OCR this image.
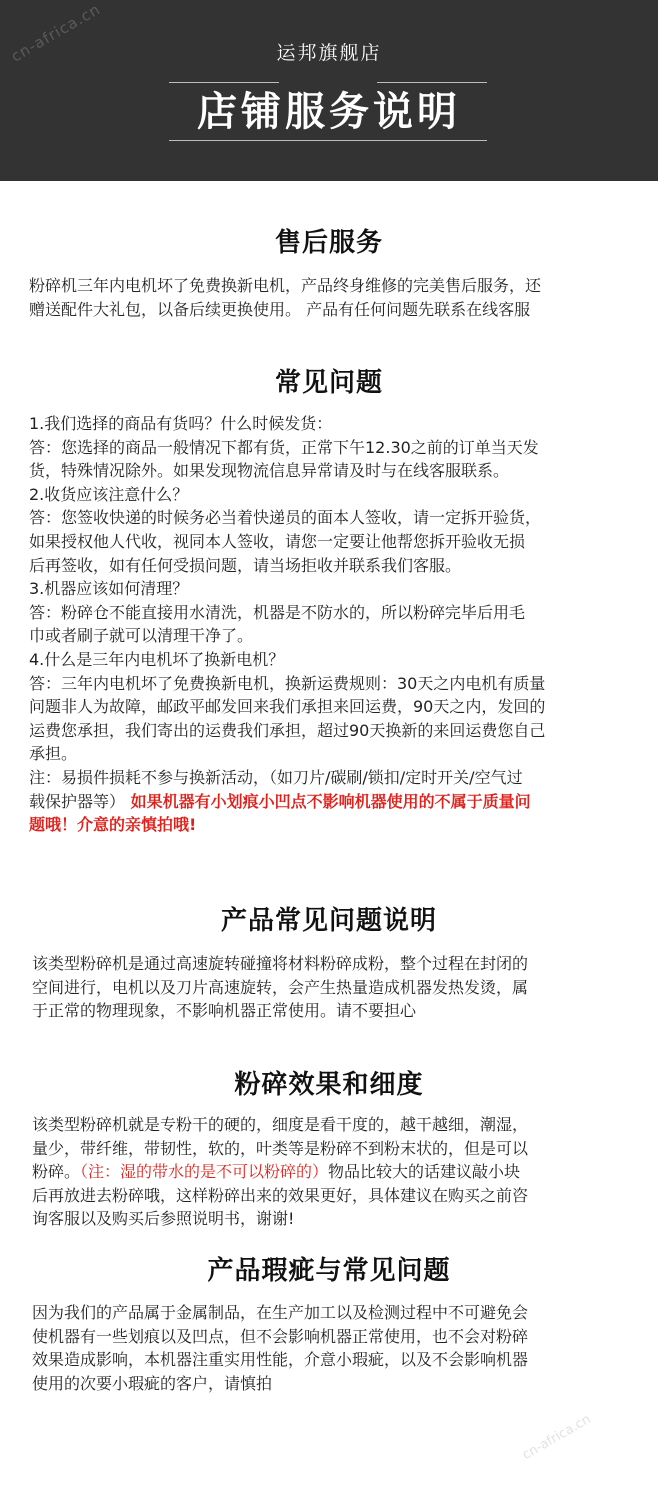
cn-africa.cn	运邦旗舰店
店铺服务说明
售后服务
粉碎机三年内电机坏了免费换新电机，产品终身维修的完美售后服务，还
赠送配件大礼包，以备后续更换使用。 产品有任何问题先联系在线客服
常见问题
1.我们选择的商品有货吗？什么时候发货：
答：您选择的商品一般情况下都有货，正常下午12.30之前的订单当天发
货，特殊情况除外。如果发现物流信息异常请及时与在线客服联系。
2.收货应该注意什么？
答：您签收快递的时候务必当着快递员的面本人签收，请一定拆开验货，
如果授权他人代收，视同本人签收，请您一定要让他帮您拆开验收无损
后再签收，如有任何受损问题，请当场拒收并联系我们客服。
3.机器应该如何清理？
答：粉碎仓不能直接用水清洗，机器是不防水的，所以粉碎完毕后用毛
巾或者刷子就可以清理干净了。
4.什么是三年内电机坏了换新电机？
答：三年内电机坏了免费换新电机，换新运费规则：30天之内电机有质量
问题非人为故障，邮政平邮发回来我们承担来回运费，90天之内，发回的
运费您承担，我们寄出的运费我们承担，超过90天换新的来回运费您自己
承担。
注：易损件损耗不参与换新活动，（如刀片/碳刷/锁扣/定时开关/空气过
载保护器等） 如果机器有小划痕小凹点不影响机器使用的不属于质量问
题哦！介意的亲慎拍哦!
产品常见问题说明
该类型粉碎机是通过高速旋转碰撞将材料粉碎成粉，整个过程在封闭的
空间进行，电机以及刀片高速旋转，会产生热量造成机器发热发烫，属
于正常的物理现象，不影响机器正常使用。请不要担心
粉碎效果和细度
该类型粉碎机就是专粉干的硬的，细度是看干度的，越干越细，潮湿，
量少，带纤维，带韧性，软的，叶类等是粉碎不到粉末状的，但是可以
粉碎。（注：湿的带水的是不可以粉碎的）物品比较大的话建议敲小块
后再放进去粉碎哦，这样粉碎出来的效果更好，具体建议在购买之前咨
询客服以及购买后参照说明书，谢谢!
产品瑕疵与常见问题
因为我们的产品属于金属制品，在生产加工以及检测过程中不可避免会
使机器有一些划痕以及凹点，但不会影响机器正常使用，也不会对粉碎
效果造成影响，本机器注重实用性能，介意小瑕疵，以及不会影响机器
使用的次要小瑕疵的客户，请慎拍
cn-africa.cn
